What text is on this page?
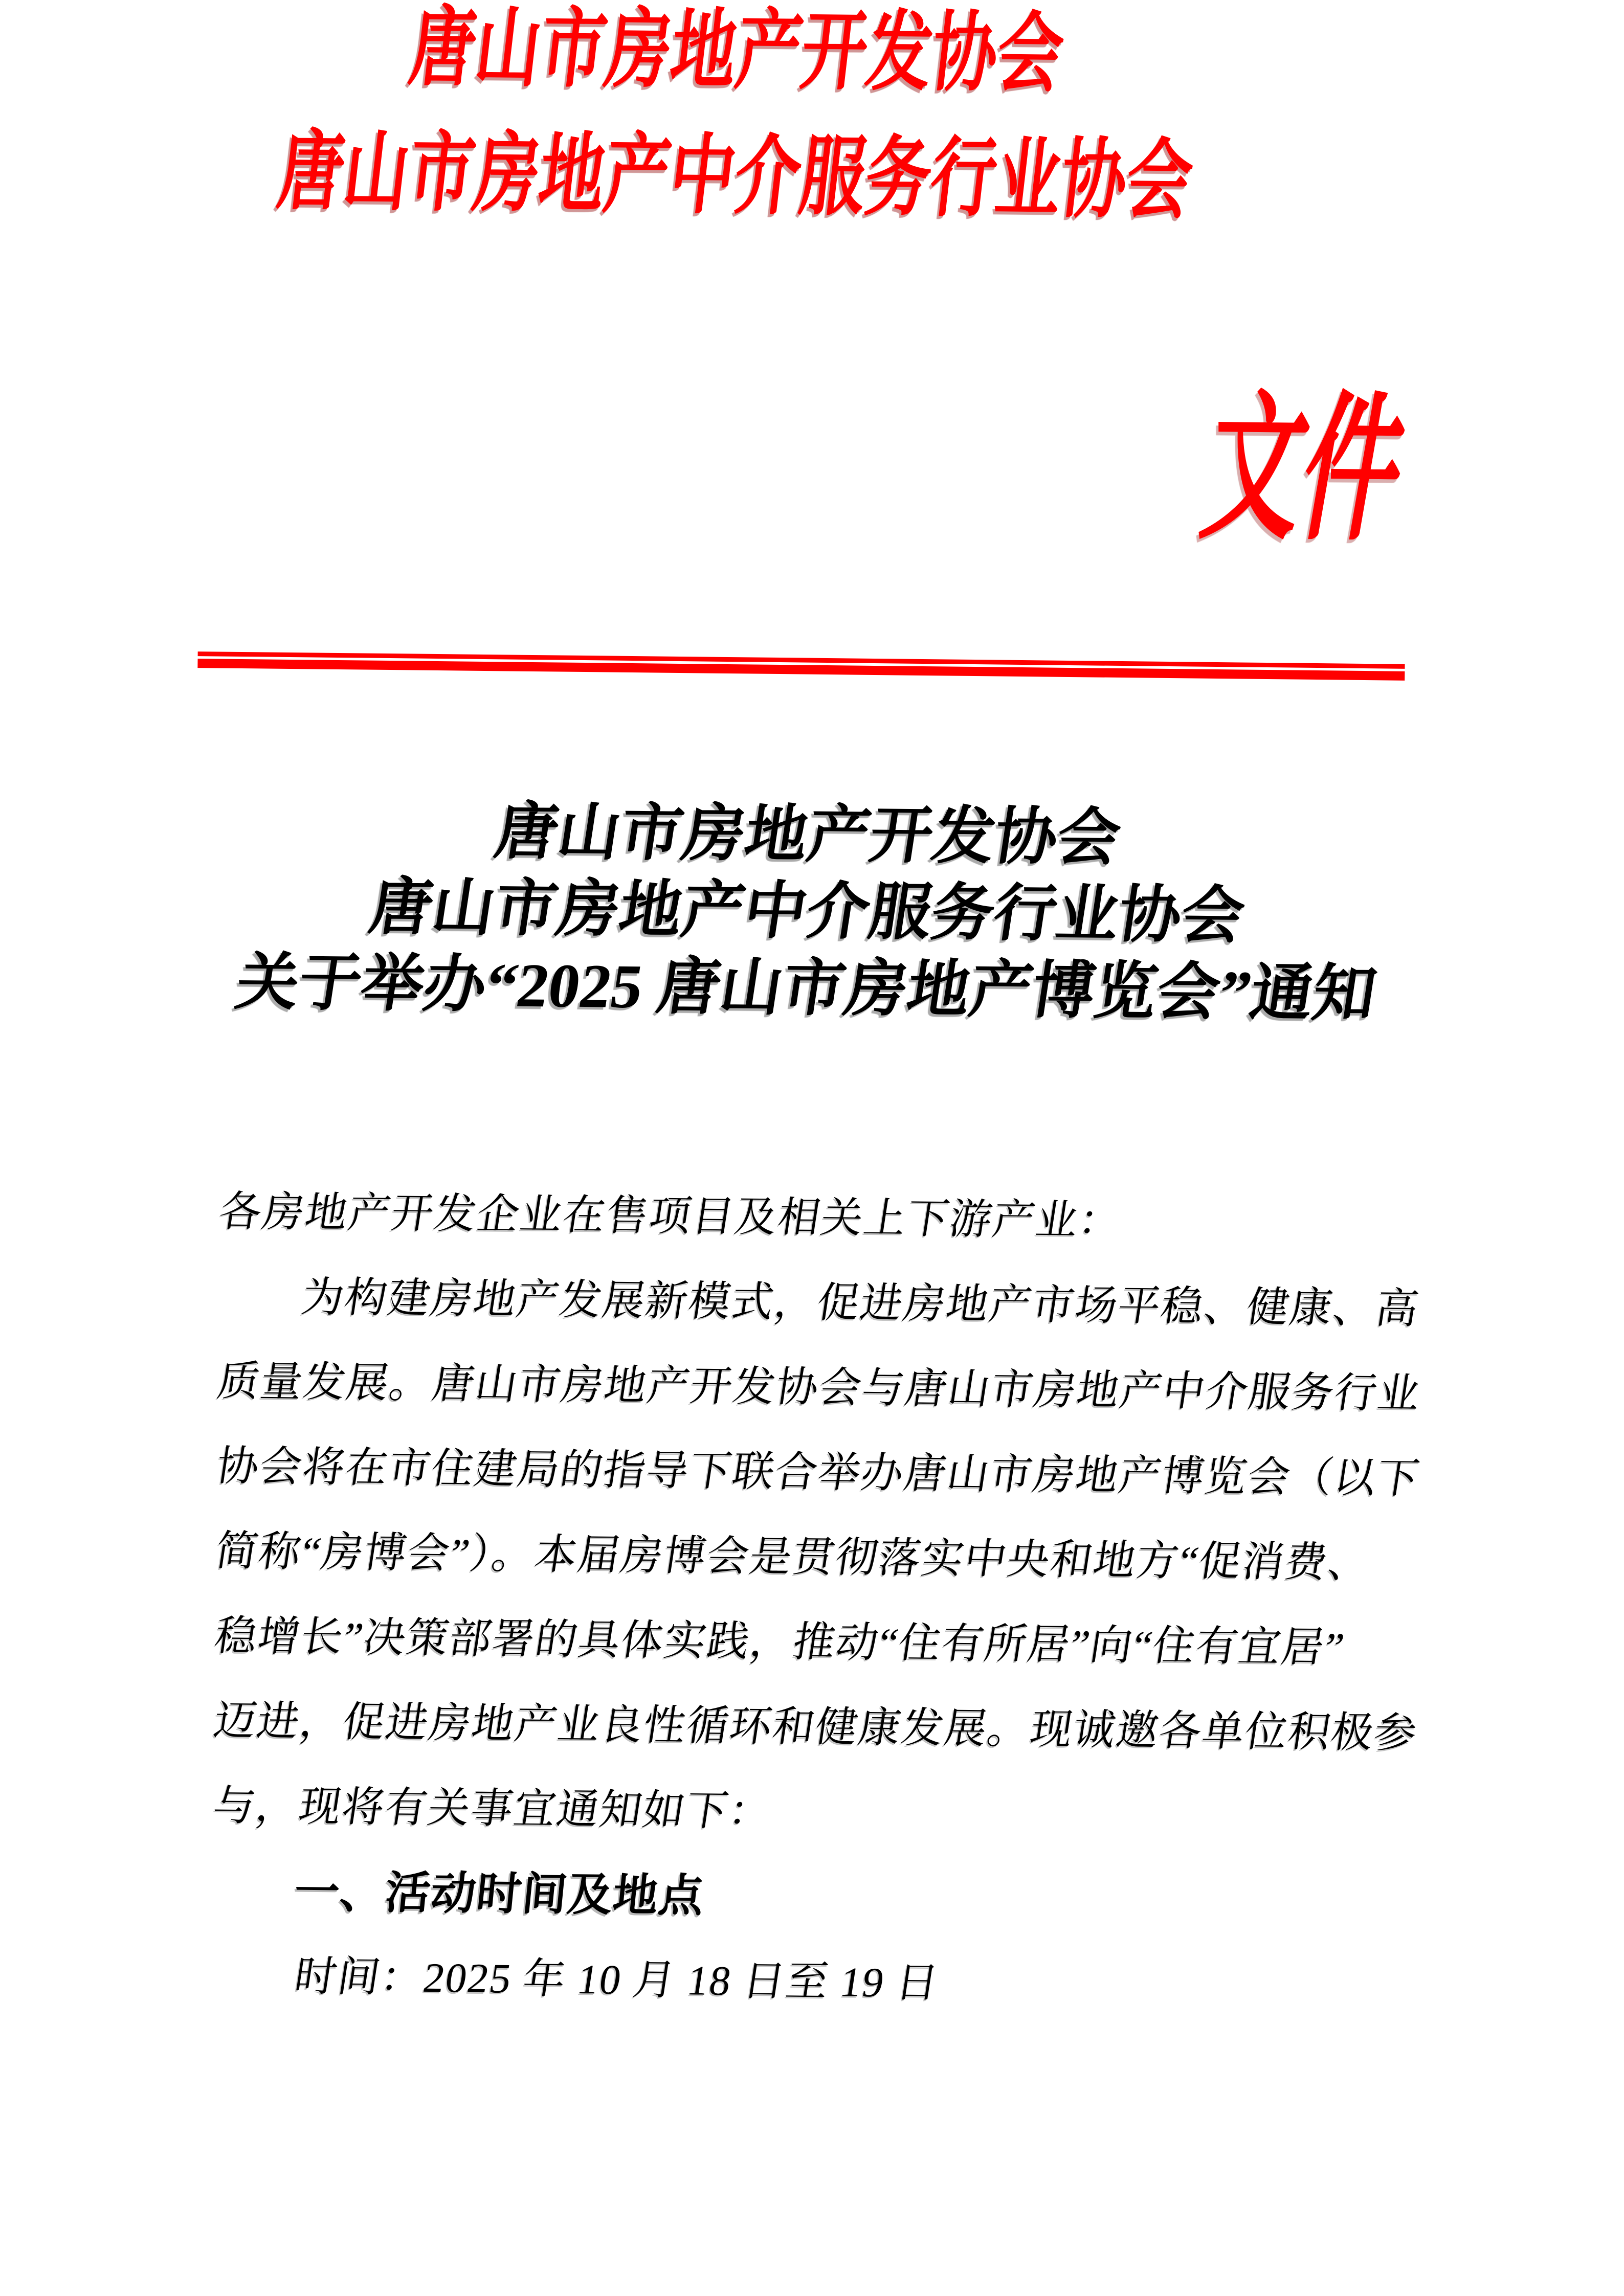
唐山市房地产开发协会
唐山市房地产中介服务行业协会
文件
唐山市房地产开发协会
唐山市房地产中介服务行业协会
关于举办“2025 唐山市房地产博览会”通知
各房地产开发企业在售项目及相关上下游产业：
为构建房地产发展新模式，促进房地产市场平稳、健康、高
质量发展。唐山市房地产开发协会与唐山市房地产中介服务行业
协会将在市住建局的指导下联合举办唐山市房地产博览会（以下
简称“房博会”）。本届房博会是贯彻落实中央和地方“促消费、
稳增长”决策部署的具体实践，推动“住有所居”向“住有宜居”
迈进，促进房地产业良性循环和健康发展。现诚邀各单位积极参
与，现将有关事宜通知如下：
一、活动时间及地点
时间：2025 年 10 月 18 日至 19 日
